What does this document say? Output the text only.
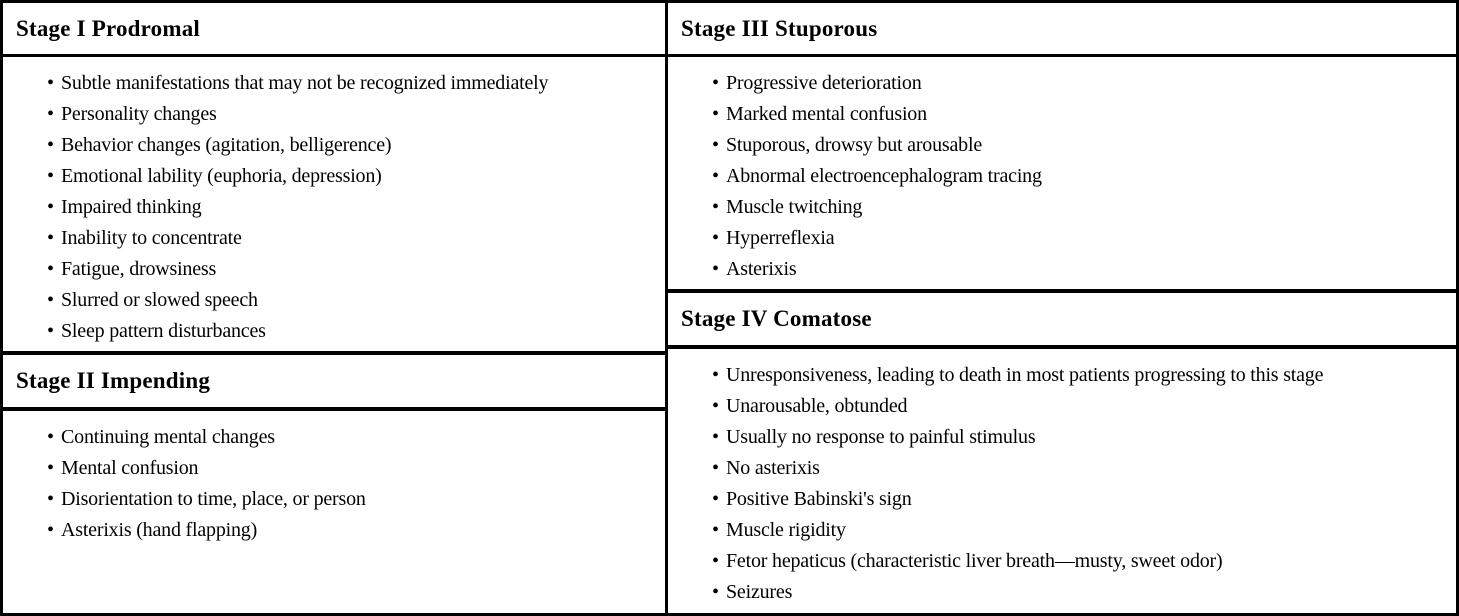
Stage I Prodromal
• Subtle manifestations that may not be recognized immediately
• Personality changes
• Behavior changes (agitation, belligerence)
• Emotional lability (euphoria, depression)
• Impaired thinking
• Inability to concentrate
• Fatigue, drowsiness
• Slurred or slowed speech
• Sleep pattern disturbances
Stage II Impending
• Continuing mental changes
• Mental confusion
• Disorientation to time, place, or person
• Asterixis (hand flapping)
Stage III Stuporous
• Progressive deterioration
• Marked mental confusion
• Stuporous, drowsy but arousable
• Abnormal electroencephalogram tracing
• Muscle twitching
• Hyperreflexia
• Asterixis
Stage IV Comatose
• Unresponsiveness, leading to death in most patients progressing to this stage
• Unarousable, obtunded
• Usually no response to painful stimulus
• No asterixis
• Positive Babinski's sign
• Muscle rigidity
• Fetor hepaticus (characteristic liver breath—musty, sweet odor)
• Seizures
